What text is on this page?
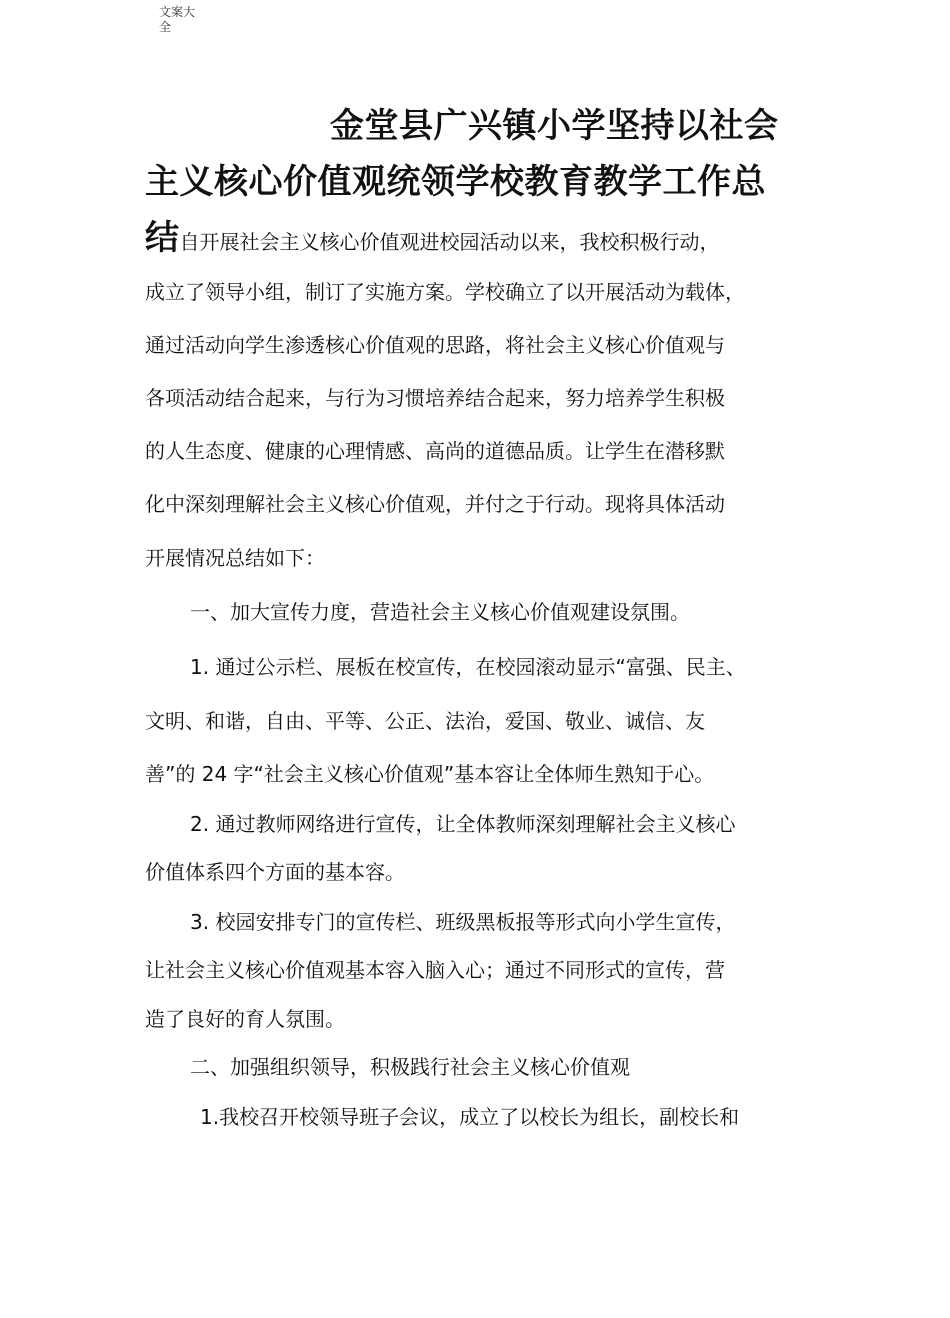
文案大全
金堂县广兴镇小学坚持以社会
主义核心价值观统领学校教育教学工作总
结自开展社会主义核心价值观进校园活动以来，我校积极行动，
成立了领导小组，制订了实施方案。学校确立了以开展活动为载体，
通过活动向学生渗透核心价值观的思路，将社会主义核心价值观与
各项活动结合起来，与行为习惯培养结合起来，努力培养学生积极
的人生态度、健康的心理情感、高尚的道德品质。让学生在潜移默
化中深刻理解社会主义核心价值观，并付之于行动。现将具体活动
开展情况总结如下：
一、加大宣传力度，营造社会主义核心价值观建设氛围。
1. 通过公示栏、展板在校宣传，在校园滚动显示“富强、民主、
文明、和谐，自由、平等、公正、法治，爱国、敬业、诚信、友
善”的 24 字“社会主义核心价值观”基本容让全体师生熟知于心。
2. 通过教师网络进行宣传，让全体教师深刻理解社会主义核心
价值体系四个方面的基本容。
3. 校园安排专门的宣传栏、班级黑板报等形式向小学生宣传，
让社会主义核心价值观基本容入脑入心；通过不同形式的宣传，营
造了良好的育人氛围。
二、加强组织领导，积极践行社会主义核心价值观
1.我校召开校领导班子会议，成立了以校长为组长，副校长和
